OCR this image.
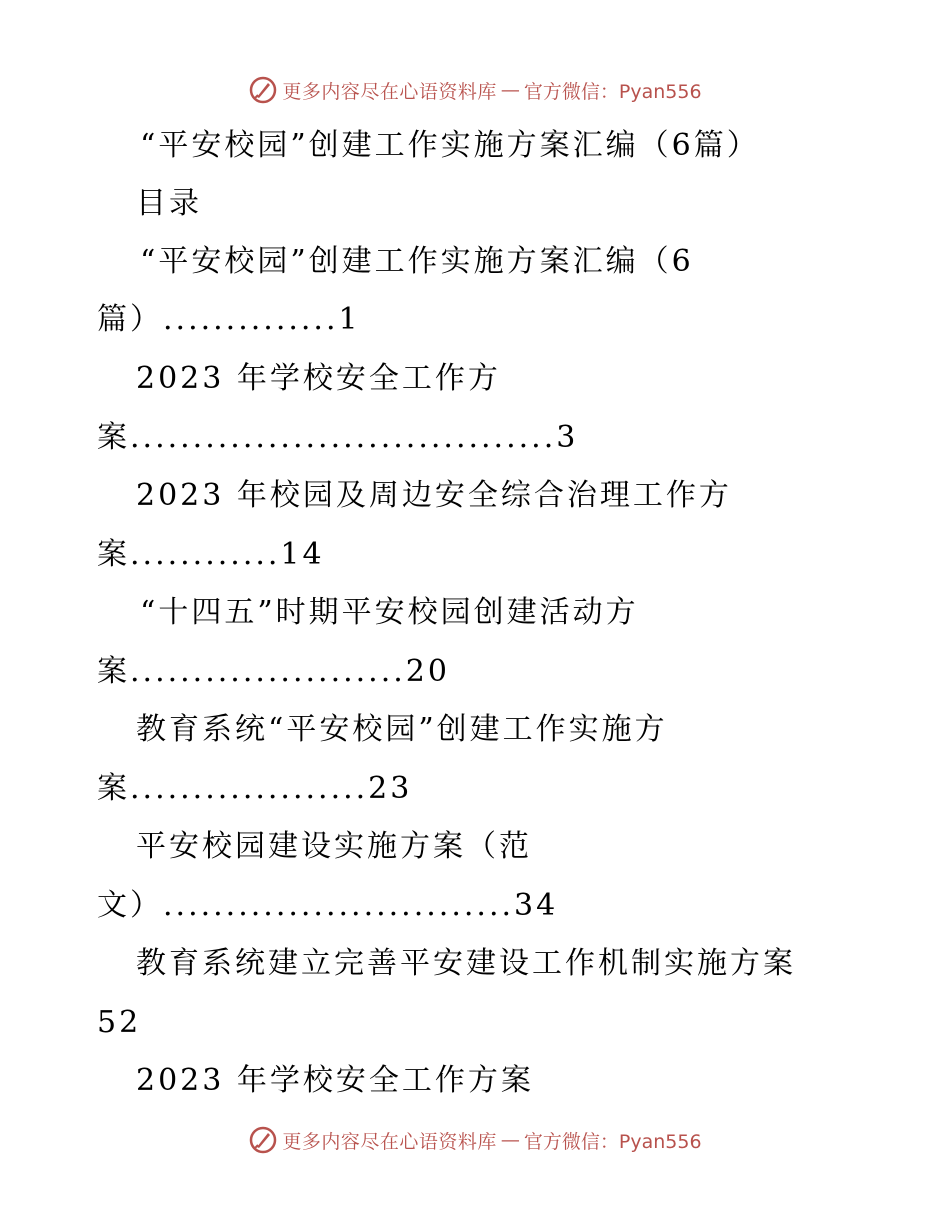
更多内容尽在心语资料库 — 官方微信：Pyan556
“平安校园”创建工作实施方案汇编（6篇）
目录
“平安校园”创建工作实施方案汇编（6
篇）..............1
2023 年学校安全工作方
案..................................3
2023 年校园及周边安全综合治理工作方
案............14
“十四五”时期平安校园创建活动方
案......................20
教育系统“平安校园”创建工作实施方
案...................23
平安校园建设实施方案（范
文）............................34
教育系统建立完善平安建设工作机制实施方案
52
2023 年学校安全工作方案
更多内容尽在心语资料库 — 官方微信：Pyan556
